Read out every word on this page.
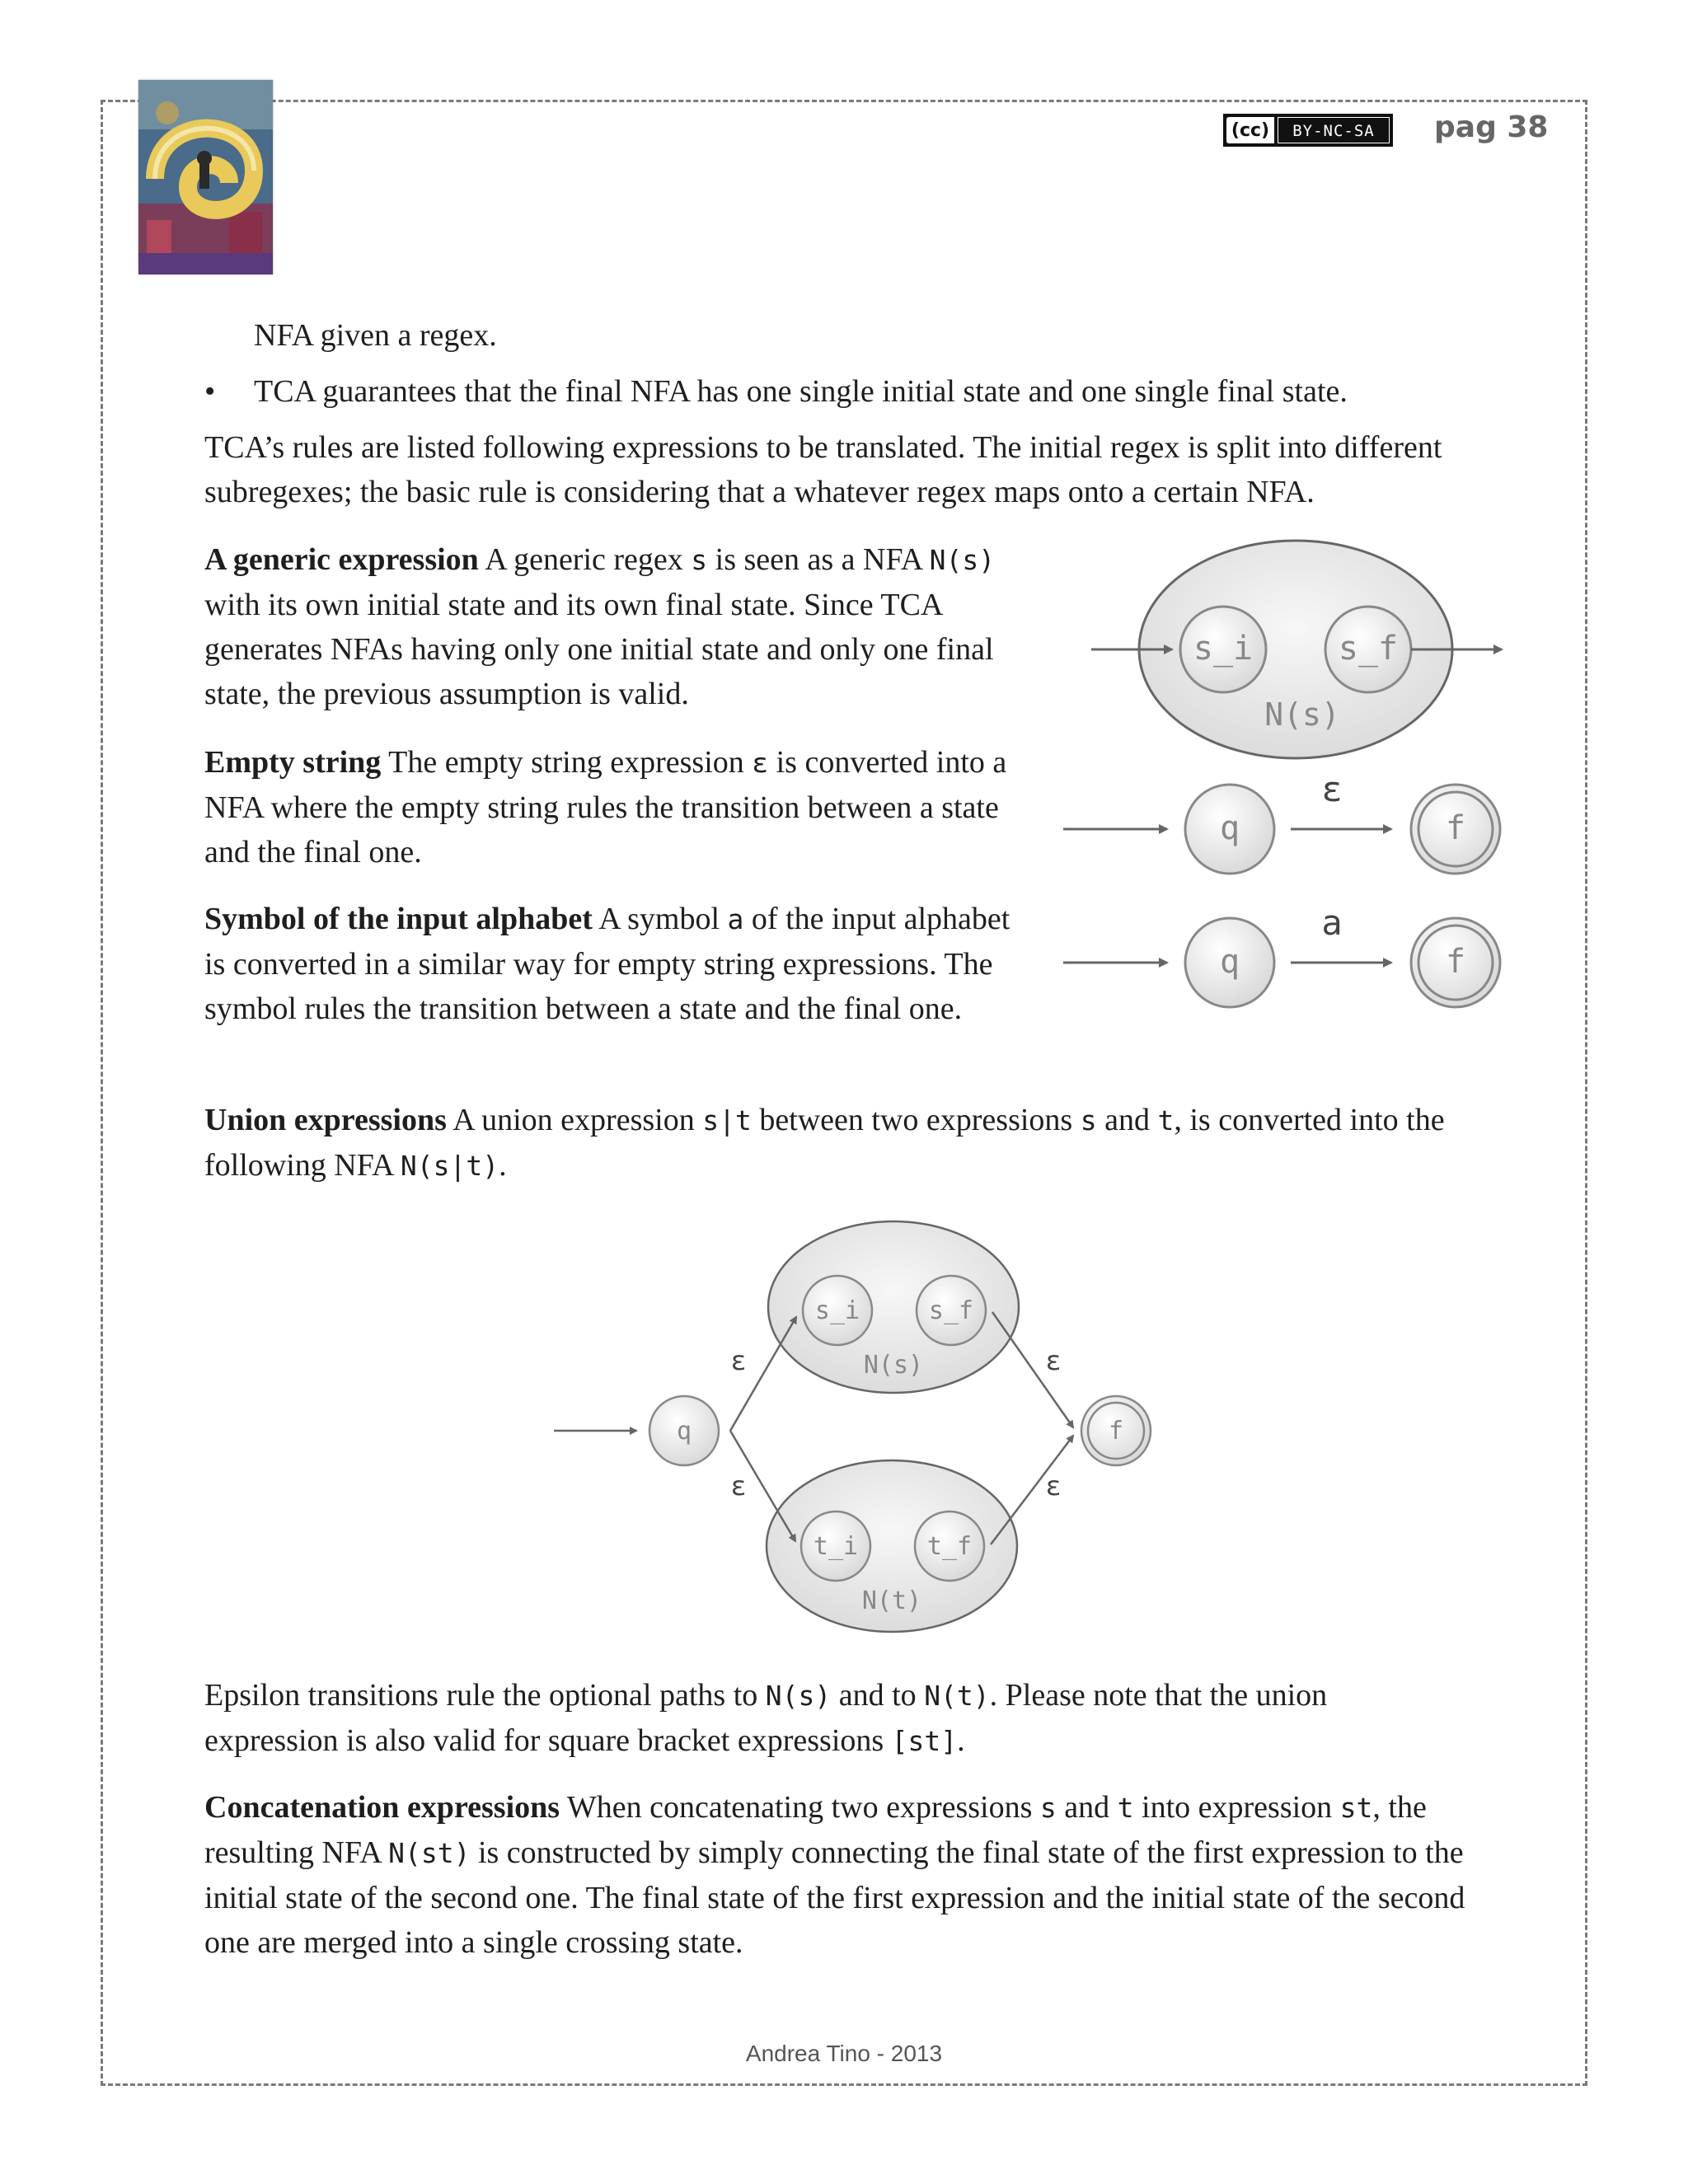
(cc)	BY-NC-SA	pag 38

NFA given a regex.

• TCA guarantees that the final NFA has one single initial state and one single final state.

TCA’s rules are listed following expressions to be translated. The initial regex is split into different subregexes; the basic rule is considering that a whatever regex maps onto a certain NFA.

A generic expression A generic regex s is seen as a NFA N(s) with its own initial state and its own final state. Since TCA generates NFAs having only one initial state and only one final state, the previous assumption is valid.

Empty string The empty string expression ε is converted into a NFA where the empty string rules the transition between a state and the final one.

Symbol of the input alphabet A symbol a of the input alphabet is converted in a similar way for empty string expressions. The symbol rules the transition between a state and the final one.

Union expressions A union expression s|t between two expressions s and t, is converted into the following NFA N(s|t).

Epsilon transitions rule the optional paths to N(s) and to N(t). Please note that the union expression is also valid for square bracket expressions [st].

Concatenation expressions When concatenating two expressions s and t into expression st, the resulting NFA N(st) is constructed by simply connecting the final state of the first expression to the initial state of the second one. The final state of the first expression and the initial state of the second one are merged into a single crossing state.

s_i	s_f
N(s)
q	f
ε
q	f
a
q
s_i	s_f
N(s)
t_i	t_f
N(t)
f
ε
ε
ε
ε
Andrea Tino - 2013
